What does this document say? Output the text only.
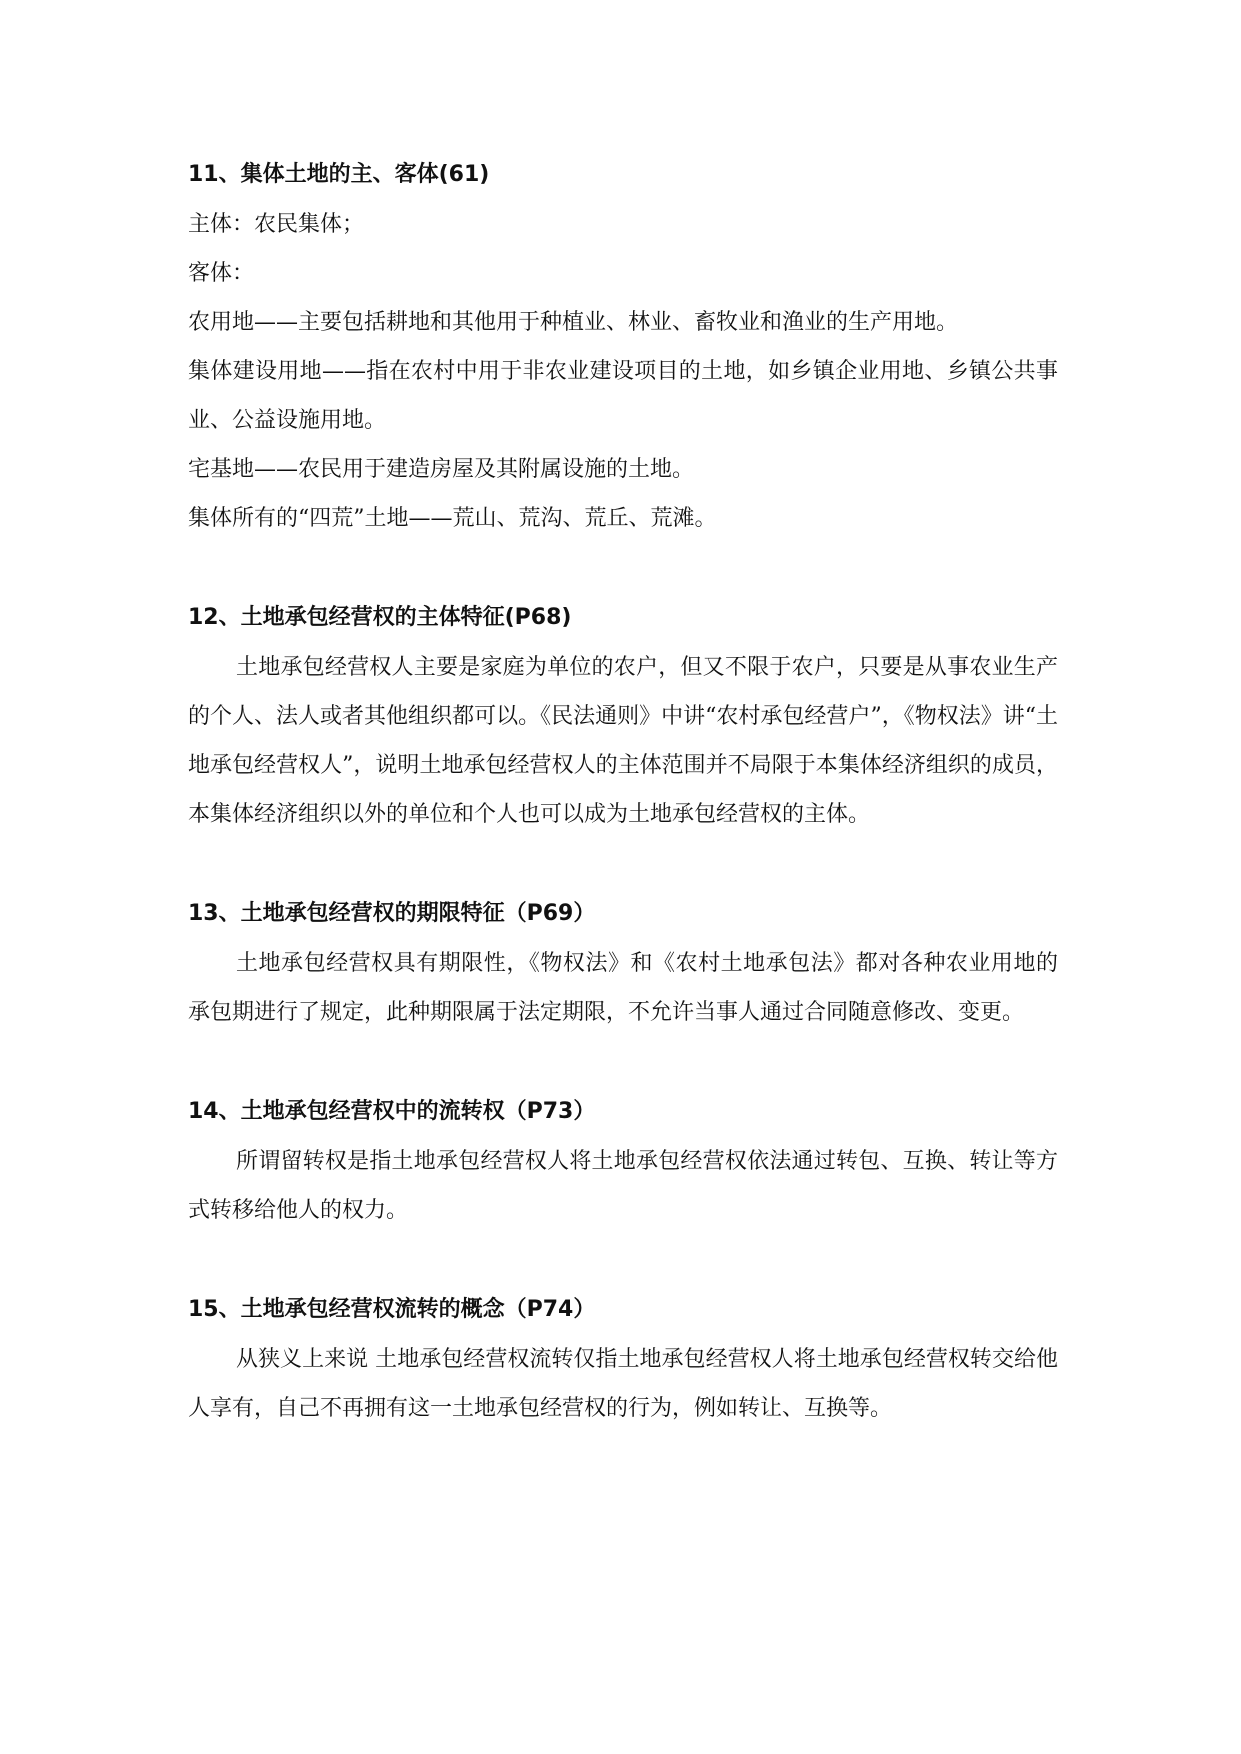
11、集体土地的主、客体(61)
主体：农民集体；
客体：
农用地——主要包括耕地和其他用于种植业、林业、畜牧业和渔业的生产用地。
集体建设用地——指在农村中用于非农业建设项目的土地，如乡镇企业用地、乡镇公共事业、公益设施用地。
宅基地——农民用于建造房屋及其附属设施的土地。
集体所有的“四荒”土地——荒山、荒沟、荒丘、荒滩。
12、土地承包经营权的主体特征(P68)
土地承包经营权人主要是家庭为单位的农户，但又不限于农户，只要是从事农业生产的个人、法人或者其他组织都可以。《民法通则》中讲“农村承包经营户”，《物权法》讲“土地承包经营权人”，说明土地承包经营权人的主体范围并不局限于本集体经济组织的成员，本集体经济组织以外的单位和个人也可以成为土地承包经营权的主体。
13、土地承包经营权的期限特征（P69）
土地承包经营权具有期限性，《物权法》和《农村土地承包法》都对各种农业用地的承包期进行了规定，此种期限属于法定期限，不允许当事人通过合同随意修改、变更。
14、土地承包经营权中的流转权（P73）
所谓留转权是指土地承包经营权人将土地承包经营权依法通过转包、互换、转让等方式转移给他人的权力。
15、土地承包经营权流转的概念（P74）
从狭义上来说 土地承包经营权流转仅指土地承包经营权人将土地承包经营权转交给他人享有，自己不再拥有这一土地承包经营权的行为，例如转让、互换等。
